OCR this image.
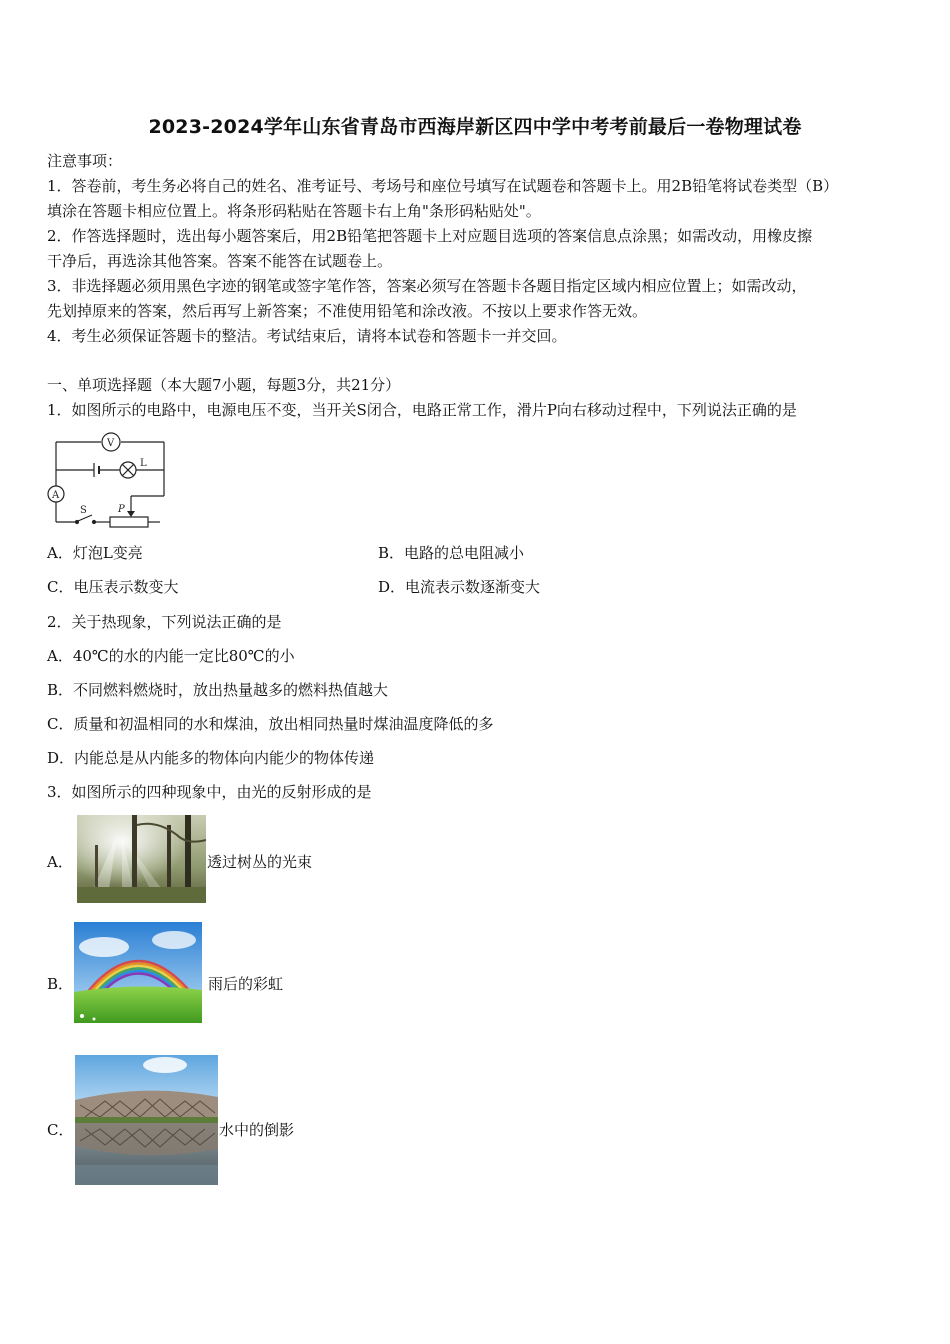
2023-2024学年山东省青岛市西海岸新区四中学中考考前最后一卷物理试卷
注意事项：
1．答卷前，考生务必将自己的姓名、准考证号、考场号和座位号填写在试题卷和答题卡上。用2B铅笔将试卷类型（B）
填涂在答题卡相应位置上。将条形码粘贴在答题卡右上角"条形码粘贴处"。
2．作答选择题时，选出每小题答案后，用2B铅笔把答题卡上对应题目选项的答案信息点涂黑；如需改动，用橡皮擦
干净后，再选涂其他答案。答案不能答在试题卷上。
3．非选择题必须用黑色字迹的钢笔或签字笔作答，答案必须写在答题卡各题目指定区域内相应位置上；如需改动，
先划掉原来的答案，然后再写上新答案；不准使用铅笔和涂改液。不按以上要求作答无效。
4．考生必须保证答题卡的整洁。考试结束后，请将本试卷和答题卡一并交回。
一、单项选择题（本大题7小题，每题3分，共21分）
1．如图所示的电路中，电源电压不变，当开关S闭合，电路正常工作，滑片P向右移动过程中，下列说法正确的是
V
A
L
S	P
A．灯泡L变亮	B．电路的总电阻减小
C．电压表示数变大	D．电流表示数逐渐变大
2．关于热现象，下列说法正确的是
A．40℃的水的内能一定比80℃的小
B．不同燃料燃烧时，放出热量越多的燃料热值越大
C．质量和初温相同的水和煤油，放出相同热量时煤油温度降低的多
D．内能总是从内能多的物体向内能少的物体传递
3．如图所示的四种现象中，由光的反射形成的是
A．	透过树丛的光束
B．	雨后的彩虹
C．	水中的倒影
